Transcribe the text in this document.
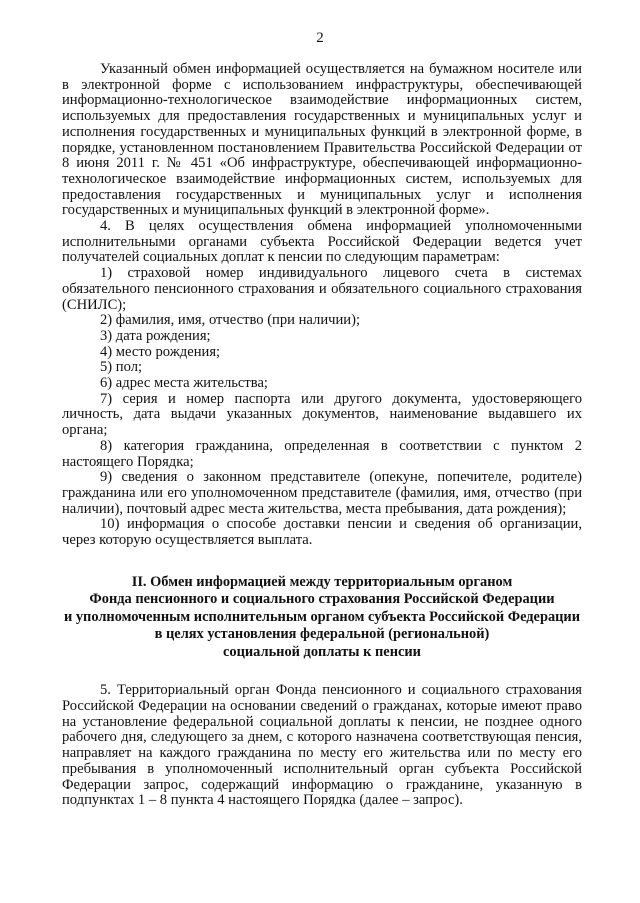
2

Указанный обмен информацией осуществляется на бумажном носителе или в электронной форме с использованием инфраструктуры, обеспечивающей информационно-технологическое взаимодействие информационных систем, используемых для предоставления государственных и муниципальных услуг и исполнения государственных и муниципальных функций в электронной форме, в порядке, установленном постановлением Правительства Российской Федерации от 8 июня 2011 г. № 451 «Об инфраструктуре, обеспечивающей информационно-технологическое взаимодействие информационных систем, используемых для предоставления государственных и муниципальных услуг и исполнения государственных и муниципальных функций в электронной форме».

4. В целях осуществления обмена информацией уполномоченными исполнительными органами субъекта Российской Федерации ведется учет получателей социальных доплат к пенсии по следующим параметрам:

1) страховой номер индивидуального лицевого счета в системах обязательного пенсионного страхования и обязательного социального страхования (СНИЛС);

2) фамилия, имя, отчество (при наличии);

3) дата рождения;

4) место рождения;

5) пол;

6) адрес места жительства;

7) серия и номер паспорта или другого документа, удостоверяющего личность, дата выдачи указанных документов, наименование выдавшего их органа;

8) категория гражданина, определенная в соответствии с пунктом 2 настоящего Порядка;

9) сведения о законном представителе (опекуне, попечителе, родителе) гражданина или его уполномоченном представителе (фамилия, имя, отчество (при наличии), почтовый адрес места жительства, места пребывания, дата рождения);

10) информация о способе доставки пенсии и сведения об организации, через которую осуществляется выплата.

II. Обмен информацией между территориальным органом
Фонда пенсионного и социального страхования Российской Федерации
и уполномоченным исполнительным органом субъекта Российской Федерации
в целях установления федеральной (региональной)
социальной доплаты к пенсии

5. Территориальный орган Фонда пенсионного и социального страхования Российской Федерации на основании сведений о гражданах, которые имеют право на установление федеральной социальной доплаты к пенсии, не позднее одного рабочего дня, следующего за днем, с которого назначена соответствующая пенсия, направляет на каждого гражданина по месту его жительства или по месту его пребывания в уполномоченный исполнительный орган субъекта Российской Федерации запрос, содержащий информацию о гражданине, указанную в подпунктах 1 – 8 пункта 4 настоящего Порядка (далее – запрос).
